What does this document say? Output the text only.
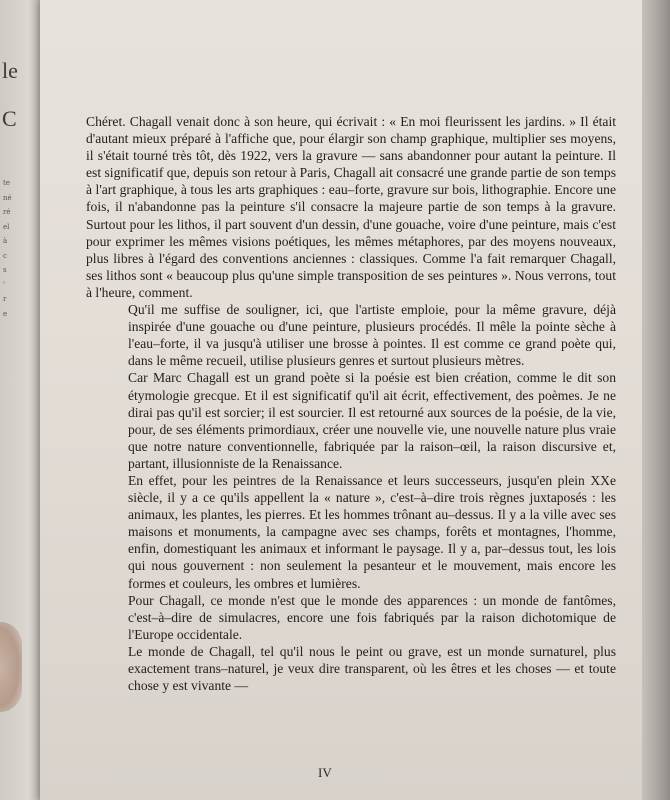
le
C
te
né
ré
el
à
c
s
'
r
e

Chéret. Chagall venait donc à son heure, qui écrivait : « En moi fleurissent les jardins. » Il était d'autant mieux préparé à l'affiche que, pour élargir son champ graphique, multiplier ses moyens, il s'était tourné très tôt, dès 1922, vers la gravure — sans abandonner pour autant la peinture. Il est significatif que, depuis son retour à Paris, Chagall ait consacré une grande partie de son temps à l'art graphique, à tous les arts graphiques : eau–forte, gravure sur bois, lithographie. Encore une fois, il n'abandonne pas la peinture s'il consacre la majeure partie de son temps à la gravure. Surtout pour les lithos, il part souvent d'un dessin, d'une gouache, voire d'une peinture, mais c'est pour exprimer les mêmes visions poétiques, les mêmes métaphores, par des moyens nouveaux, plus libres à l'égard des conventions anciennes : classiques. Comme l'a fait remarquer Chagall, ses lithos sont « beaucoup plus qu'une simple transposition de ses peintures ». Nous verrons, tout à l'heure, comment.

Qu'il me suffise de souligner, ici, que l'artiste emploie, pour la même gravure, déjà inspirée d'une gouache ou d'une peinture, plusieurs procédés. Il mêle la pointe sèche à l'eau–forte, il va jusqu'à utiliser une brosse à pointes. Il est comme ce grand poète qui, dans le même recueil, utilise plusieurs genres et surtout plusieurs mètres.

Car Marc Chagall est un grand poète si la poésie est bien création, comme le dit son étymologie grecque. Et il est significatif qu'il ait écrit, effectivement, des poèmes. Je ne dirai pas qu'il est sorcier; il est sourcier. Il est retourné aux sources de la poésie, de la vie, pour, de ses éléments primordiaux, créer une nouvelle vie, une nouvelle nature plus vraie que notre nature conventionnelle, fabriquée par la raison–œil, la raison discursive et, partant, illusionniste de la Renaissance.

En effet, pour les peintres de la Renaissance et leurs successeurs, jusqu'en plein XXe siècle, il y a ce qu'ils appellent la « nature », c'est–à–dire trois règnes juxtaposés : les animaux, les plantes, les pierres. Et les hommes trônant au–dessus. Il y a la ville avec ses maisons et monuments, la campagne avec ses champs, forêts et montagnes, l'homme, enfin, domestiquant les animaux et informant le paysage. Il y a, par–dessus tout, les lois qui nous gouvernent : non seulement la pesanteur et le mouvement, mais encore les formes et couleurs, les ombres et lumières.

Pour Chagall, ce monde n'est que le monde des apparences : un monde de fantômes, c'est–à–dire de simulacres, encore une fois fabriqués par la raison dichotomique de l'Europe occidentale.

Le monde de Chagall, tel qu'il nous le peint ou grave, est un monde surnaturel, plus exactement trans–naturel, je veux dire transparent, où les êtres et les choses — et toute chose y est vivante —

IV
